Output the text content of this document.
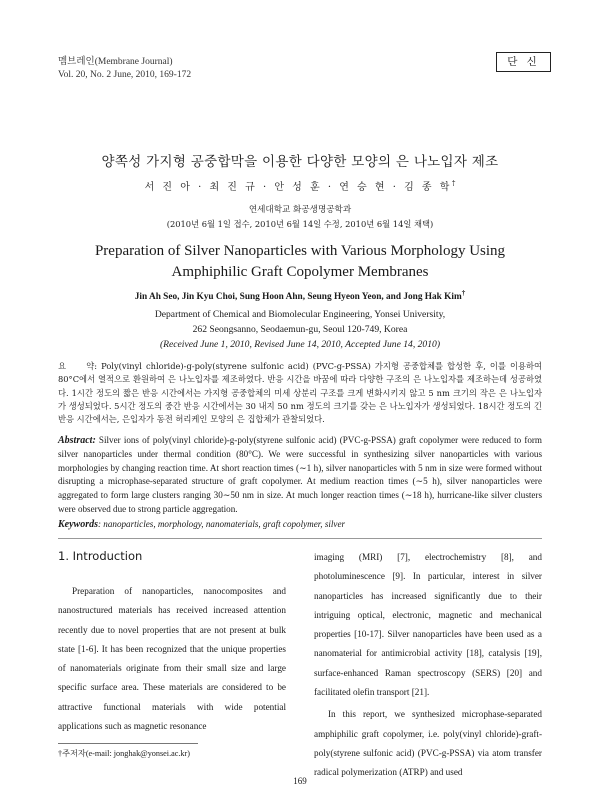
멤브레인(Membrane Journal)
Vol. 20, No. 2 June, 2010, 169-172
단 신
양쪽성 가지형 공중합막을 이용한 다양한 모양의 은 나노입자 제조
서 진 아 · 최 진 규 · 안 성 훈 · 연 승 현 · 김 종 학†
연세대학교 화공생명공학과
(2010년 6월 1일 접수, 2010년 6월 14일 수정, 2010년 6월 14일 채택)
Preparation of Silver Nanoparticles with Various Morphology Using
Amphiphilic Graft Copolymer Membranes
Jin Ah Seo, Jin Kyu Choi, Sung Hoon Ahn, Seung Hyeon Yeon, and Jong Hak Kim†
Department of Chemical and Biomolecular Engineering, Yonsei University,
262 Seongsanno, Seodaemun-gu, Seoul 120-749, Korea
(Received June 1, 2010, Revised June 14, 2010, Accepted June 14, 2010)
요     약: Poly(vinyl chloride)-g-poly(styrene sulfonic acid) (PVC-g-PSSA) 가지형 공중합체를 합성한 후, 이를 이용하여 80°C에서 열적으로 환원하여 은 나노입자를 제조하였다. 반응 시간을 바꿈에 따라 다양한 구조의 은 나노입자를 제조하는데 성공하였다. 1시간 정도의 짧은 반응 시간에서는 가지형 공중합체의 미세 상분리 구조를 크게 변화시키지 않고 5 nm 크기의 작은 은 나노입자가 생성되었다. 5시간 정도의 중간 반응 시간에서는 30 내지 50 nm 정도의 크기를 갖는 은 나노입자가 생성되었다. 18시간 정도의 긴 반응 시간에서는, 은입자가 동전 허리케인 모양의 은 집합체가 관찰되었다.
Abstract: Silver ions of poly(vinyl chloride)-g-poly(styrene sulfonic acid) (PVC-g-PSSA) graft copolymer were reduced to form silver nanoparticles under thermal condition (80°C). We were successful in synthesizing silver nanoparticles with various morphologies by changing reaction time. At short reaction times (∼1 h), silver nanoparticles with 5 nm in size were formed without disrupting a microphase-separated structure of graft copolymer. At medium reaction times (∼5 h), silver nanoparticles were aggregated to form large clusters ranging 30∼50 nm in size. At much longer reaction times (∼18 h), hurricane-like silver clusters were observed due to strong particle aggregation.
Keywords: nanoparticles, morphology, nanomaterials, graft copolymer, silver
1. Introduction

Preparation of nanoparticles, nanocomposites and nanostructured materials has received increased attention recently due to novel properties that are not present at bulk state [1-6]. It has been recognized that the unique properties of nanomaterials originate from their small size and large specific surface area. These materials are considered to be attractive functional materials with wide potential applications such as magnetic resonance

imaging (MRI) [7], electrochemistry [8], and photoluminescence [9]. In particular, interest in silver nanoparticles has increased significantly due to their intriguing optical, electronic, magnetic and mechanical properties [10-17]. Silver nanoparticles have been used as a nanomaterial for antimicrobial activity [18], catalysis [19], surface-enhanced Raman spectroscopy (SERS) [20] and facilitated olefin transport [21].

In this report, we synthesized microphase-separated amphiphilic graft copolymer, i.e. poly(vinyl chloride)-graft-poly(styrene sulfonic acid) (PVC-g-PSSA) via atom transfer radical polymerization (ATRP) and used

†주저자(e-mail: jonghak@yonsei.ac.kr)
169
